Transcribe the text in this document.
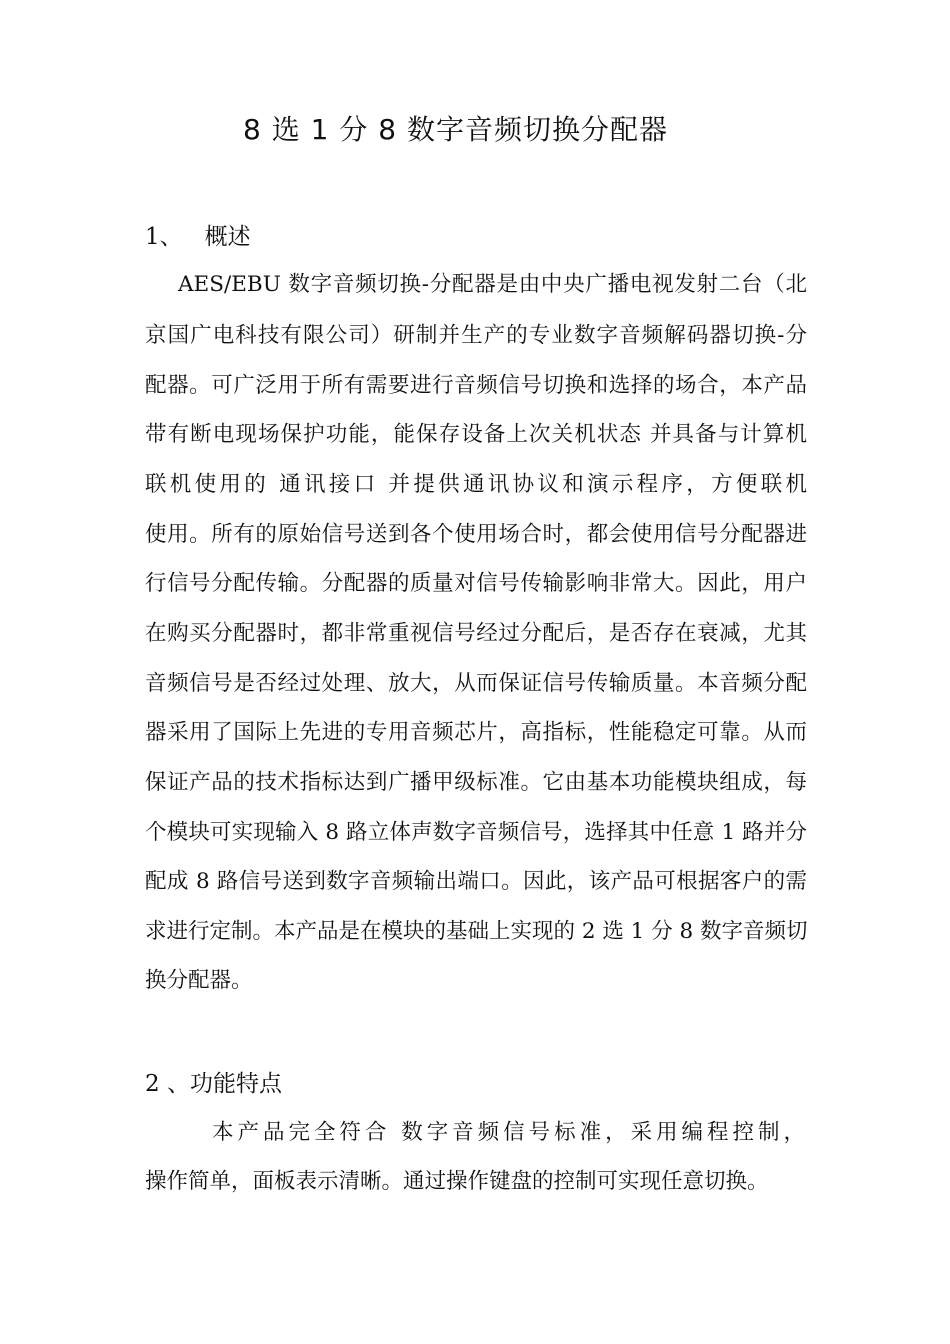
8 选 1 分 8 数字音频切换分配器
1、   概述
AES/EBU 数字音频切换-分配器是由中央广播电视发射二台（北
京国广电科技有限公司）研制并生产的专业数字音频解码器切换-分
配器。可广泛用于所有需要进行音频信号切换和选择的场合，本产品
带有断电现场保护功能，能保存设备上次关机状态 并具备与计算机
联机使用的 通讯接口 并提供通讯协议和演示程序，方便联机
使用。所有的原始信号送到各个使用场合时，都会使用信号分配器进
行信号分配传输。分配器的质量对信号传输影响非常大。因此，用户
在购买分配器时，都非常重视信号经过分配后，是否存在衰减，尤其
音频信号是否经过处理、放大，从而保证信号传输质量。本音频分配
器采用了国际上先进的专用音频芯片，高指标，性能稳定可靠。从而
保证产品的技术指标达到广播甲级标准。它由基本功能模块组成，每
个模块可实现输入 8 路立体声数字音频信号，选择其中任意 1 路并分
配成 8 路信号送到数字音频输出端口。因此，该产品可根据客户的需
求进行定制。本产品是在模块的基础上实现的 2 选 1 分 8 数字音频切
换分配器。
2 、功能特点
本产品完全符合 数字音频信号标准，采用编程控制，
操作简单，面板表示清晰。通过操作键盘的控制可实现任意切换。
